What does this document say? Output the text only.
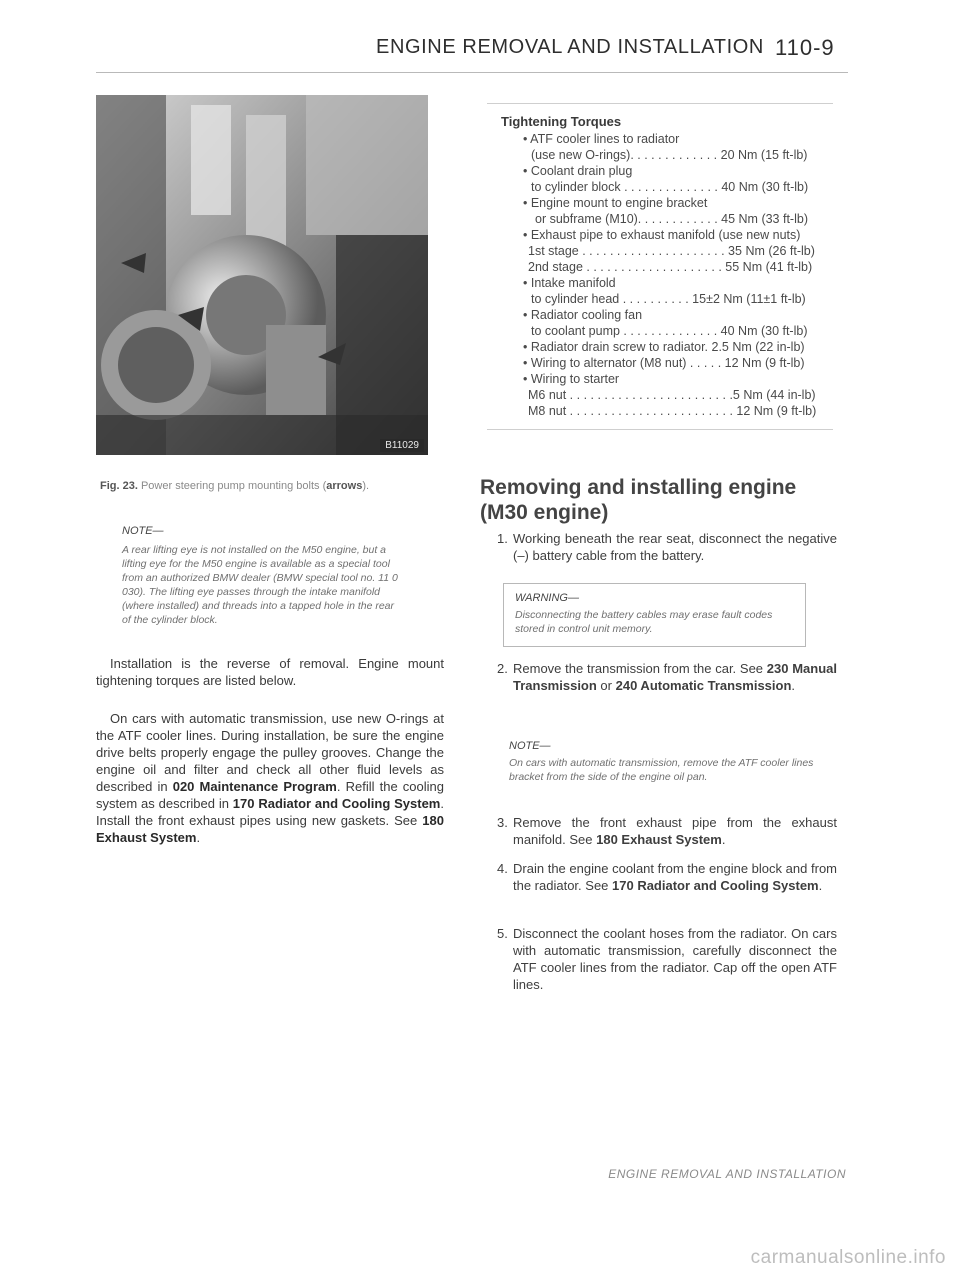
ENGINE REMOVAL AND INSTALLATION 110-9
B11029
Fig. 23. Power steering pump mounting bolts (arrows).
NOTE—
A rear lifting eye is not installed on the M50 engine, but a lifting eye for the M50 engine is available as a special tool from an authorized BMW dealer (BMW special tool no. 11 0 030). The lifting eye passes through the intake manifold (where installed) and threads into a tapped hole in the rear of the cylinder block.
Installation is the reverse of removal. Engine mount tightening torques are listed below.
On cars with automatic transmission, use new O-rings at the ATF cooler lines. During installation, be sure the engine drive belts properly engage the pulley grooves. Change the engine oil and filter and check all other fluid levels as described in 020 Maintenance Program. Refill the cooling system as described in 170 Radiator and Cooling System. Install the front exhaust pipes using new gaskets. See 180 Exhaust System.
Tightening Torques
• ATF cooler lines to radiator
(use new O-rings). . . . . . . . . . . . . 20 Nm (15 ft-lb)
• Coolant drain plug
to cylinder block . . . . . . . . . . . . . . 40 Nm (30 ft-lb)
• Engine mount to engine bracket
or subframe (M10). . . . . . . . . . . . 45 Nm (33 ft-lb)
• Exhaust pipe to exhaust manifold (use new nuts)
1st stage . . . . . . . . . . . . . . . . . . . . . 35 Nm (26 ft-lb)
2nd stage . . . . . . . . . . . . . . . . . . . . 55 Nm (41 ft-lb)
• Intake manifold
to cylinder head . . . . . . . . . . 15±2 Nm (11±1 ft-lb)
• Radiator cooling fan
to coolant pump . . . . . . . . . . . . . . 40 Nm (30 ft-lb)
• Radiator drain screw to radiator. 2.5 Nm (22 in-lb)
• Wiring to alternator (M8 nut) . . . . . 12 Nm (9 ft-lb)
• Wiring to starter
M6 nut . . . . . . . . . . . . . . . . . . . . . . . .5 Nm (44 in-lb)
M8 nut . . . . . . . . . . . . . . . . . . . . . . . . 12 Nm (9 ft-lb)
Removing and installing engine
(M30 engine)
1. Working beneath the rear seat, disconnect the negative (–) battery cable from the battery.
WARNING—
Disconnecting the battery cables may erase fault codes stored in control unit memory.
2. Remove the transmission from the car. See 230 Manual Transmission or 240 Automatic Transmission.
NOTE—
On cars with automatic transmission, remove the ATF cooler lines bracket from the side of the engine oil pan.
3. Remove the front exhaust pipe from the exhaust manifold. See 180 Exhaust System.
4. Drain the engine coolant from the engine block and from the radiator. See 170 Radiator and Cooling System.
5. Disconnect the coolant hoses from the radiator. On cars with automatic transmission, carefully disconnect the ATF cooler lines from the radiator. Cap off the open ATF lines.
ENGINE REMOVAL AND INSTALLATION
carmanualsonline.info
